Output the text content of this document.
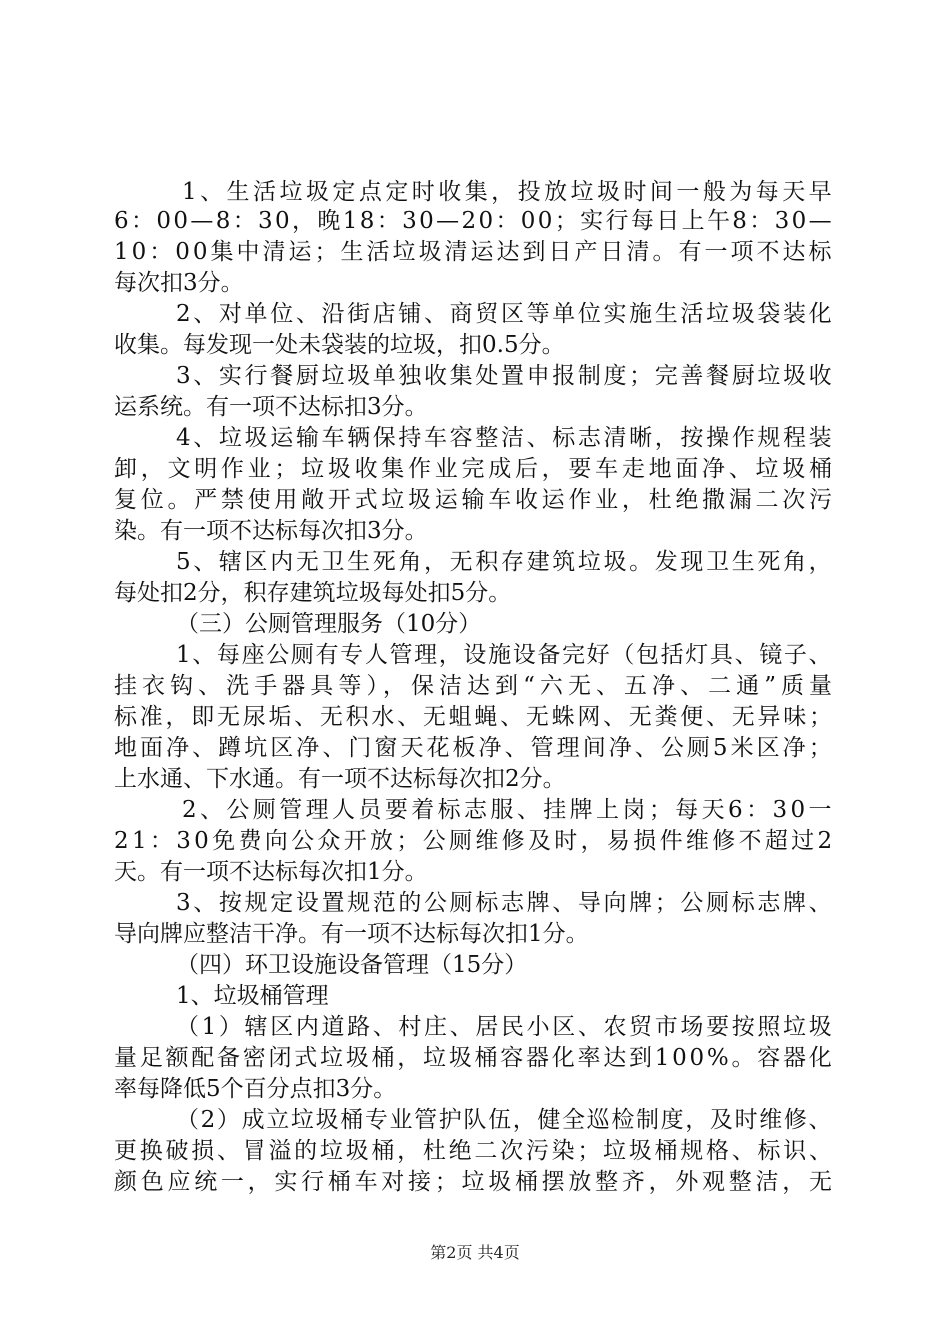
1、生活垃圾定点定时收集，投放垃圾时间一般为每天早
6：00—8：30，晚18：30—20：00；实行每日上午8：30—
10：00集中清运；生活垃圾清运达到日产日清。有一项不达标
每次扣3分。
2、对单位、沿街店铺、商贸区等单位实施生活垃圾袋装化
收集。每发现一处未袋装的垃圾，扣0.5分。
3、实行餐厨垃圾单独收集处置申报制度；完善餐厨垃圾收
运系统。有一项不达标扣3分。
4、垃圾运输车辆保持车容整洁、标志清晰，按操作规程装
卸，文明作业；垃圾收集作业完成后，要车走地面净、垃圾桶
复位。严禁使用敞开式垃圾运输车收运作业，杜绝撒漏二次污
染。有一项不达标每次扣3分。
5、辖区内无卫生死角，无积存建筑垃圾。发现卫生死角，
每处扣2分，积存建筑垃圾每处扣5分。
（三）公厕管理服务（10分）
1、每座公厕有专人管理，设施设备完好（包括灯具、镜子、
挂衣钩、洗手器具等），保洁达到“六无、五净、二通”质量
标准，即无尿垢、无积水、无蛆蝇、无蛛网、无粪便、无异味；
地面净、蹲坑区净、门窗天花板净、管理间净、公厕5米区净；
上水通、下水通。有一项不达标每次扣2分。
2、公厕管理人员要着标志服、挂牌上岗；每天6：30一
21：30免费向公众开放；公厕维修及时，易损件维修不超过2
天。有一项不达标每次扣1分。
3、按规定设置规范的公厕标志牌、导向牌；公厕标志牌、
导向牌应整洁干净。有一项不达标每次扣1分。
（四）环卫设施设备管理（15分）
1、垃圾桶管理
（1）辖区内道路、村庄、居民小区、农贸市场要按照垃圾
量足额配备密闭式垃圾桶，垃圾桶容器化率达到100%。容器化
率每降低5个百分点扣3分。
（2）成立垃圾桶专业管护队伍，健全巡检制度，及时维修、
更换破损、冒溢的垃圾桶，杜绝二次污染；垃圾桶规格、标识、
颜色应统一，实行桶车对接；垃圾桶摆放整齐，外观整洁，无
第2页 共4页
